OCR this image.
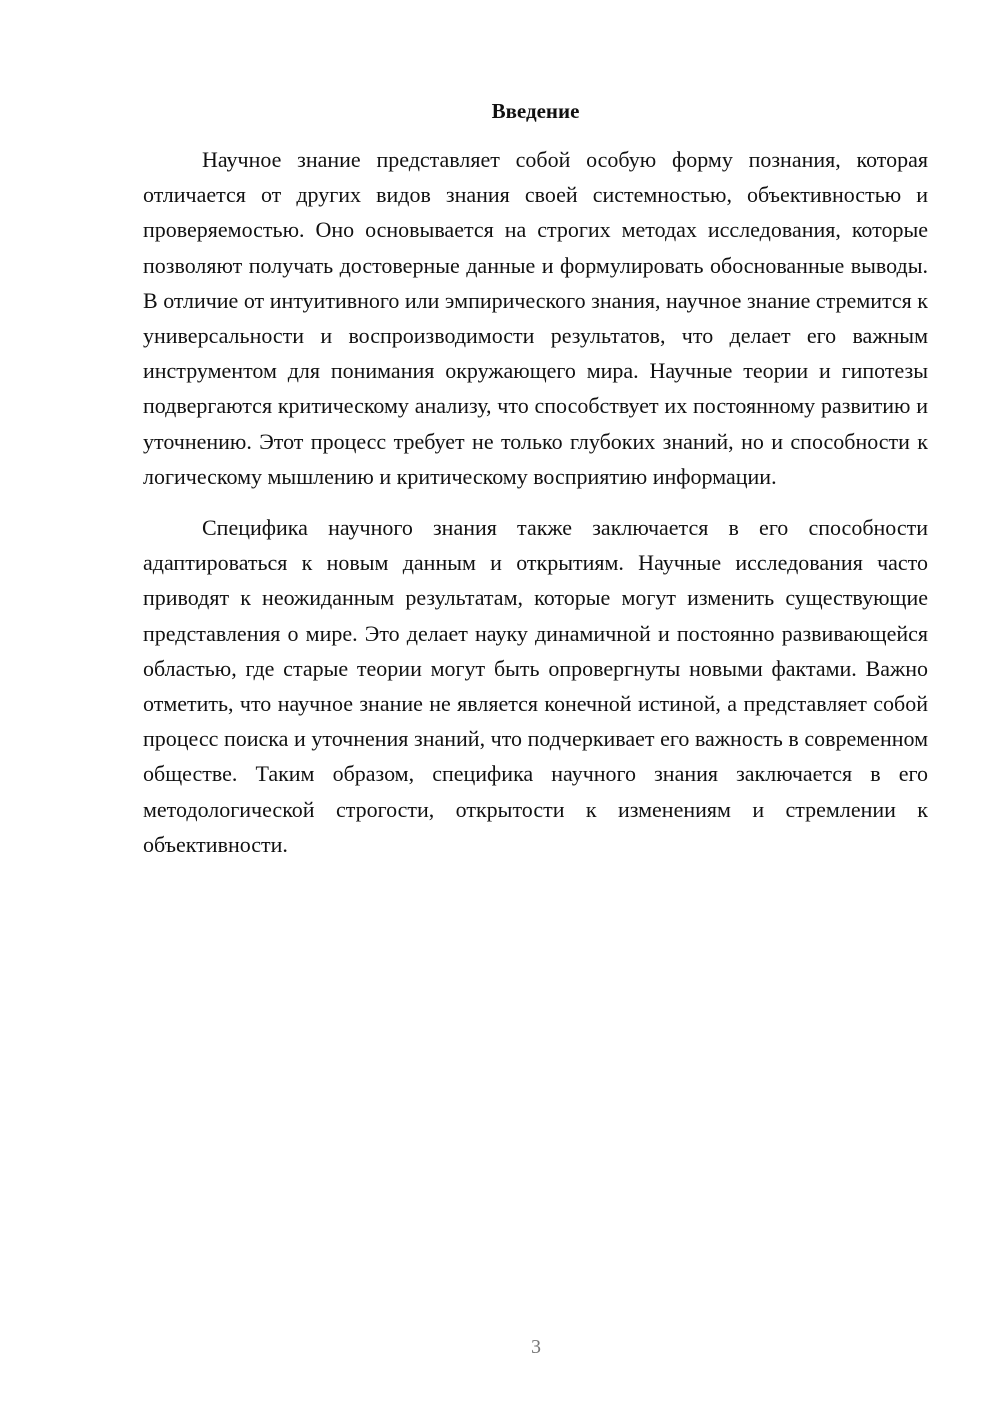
Введение

Научное знание представляет собой особую форму познания, которая отличается от других видов знания своей системностью, объективностью и проверяемостью. Оно основывается на строгих методах исследования, которые позволяют получать достоверные данные и формулировать обоснованные выводы. В отличие от интуитивного или эмпирического знания, научное знание стремится к универсальности и воспроизводимости результатов, что делает его важным инструментом для понимания окружающего мира. Научные теории и гипотезы подвергаются критическому анализу, что способствует их постоянному развитию и уточнению. Этот процесс требует не только глубоких знаний, но и способности к логическому мышлению и критическому восприятию информации.

Специфика научного знания также заключается в его способности адаптироваться к новым данным и открытиям. Научные исследования часто приводят к неожиданным результатам, которые могут изменить существующие представления о мире. Это делает науку динамичной и постоянно развивающейся областью, где старые теории могут быть опровергнуты новыми фактами. Важно отметить, что научное знание не является конечной истиной, а представляет собой процесс поиска и уточнения знаний, что подчеркивает его важность в современном обществе. Таким образом, специфика научного знания заключается в его методологической строгости, открытости к изменениям и стремлении к объективности.

3
